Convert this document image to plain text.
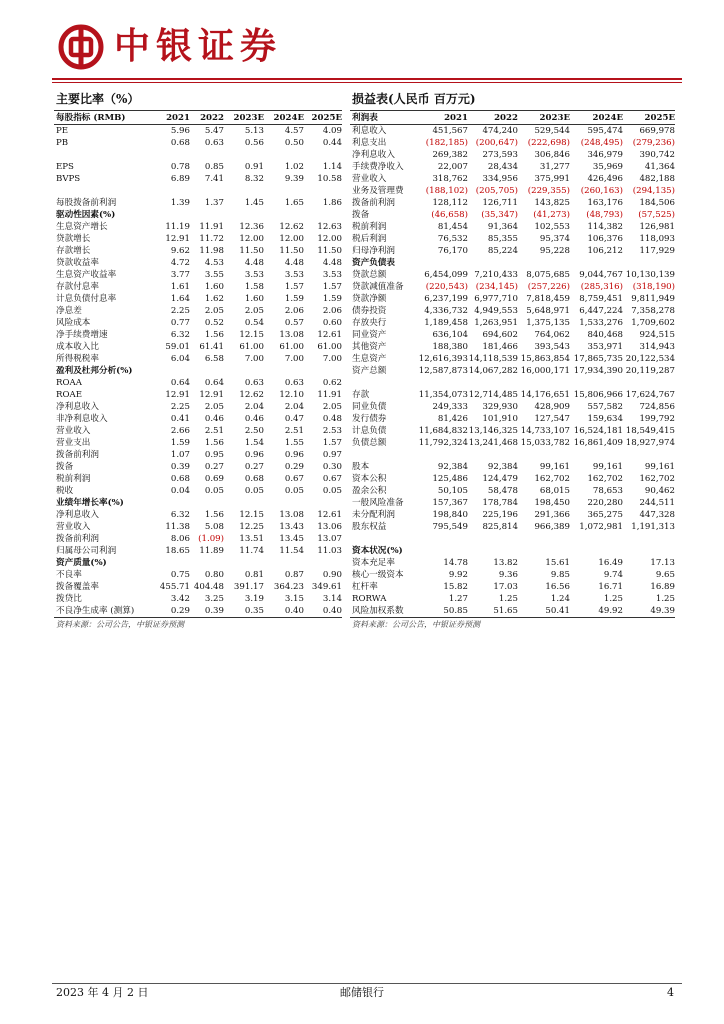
中银证券
主要比率（%）
每股指标 (RMB)	2021	2022	2023E	2024E	2025E
PE	5.96	5.47	5.13	4.57	4.09
PB	0.68	0.63	0.56	0.50	0.44

EPS	0.78	0.85	0.91	1.02	1.14
BVPS	6.89	7.41	8.32	9.39	10.58

每股拨备前利润	1.39	1.37	1.45	1.65	1.86
驱动性因素(%)					
生息资产增长	11.19	11.91	12.36	12.62	12.63
贷款增长	12.91	11.72	12.00	12.00	12.00
存款增长	9.62	11.98	11.50	11.50	11.50
贷款收益率	4.72	4.53	4.48	4.48	4.48
生息资产收益率	3.77	3.55	3.53	3.53	3.53
存款付息率	1.61	1.60	1.58	1.57	1.57
计息负债付息率	1.64	1.62	1.60	1.59	1.59
净息差	2.25	2.05	2.05	2.06	2.06
风险成本	0.77	0.52	0.54	0.57	0.60
净手续费增速	6.32	1.56	12.15	13.08	12.61
成本收入比	59.01	61.41	61.00	61.00	61.00
所得税税率	6.04	6.58	7.00	7.00	7.00
盈利及杜邦分析(%)					
ROAA	0.64	0.64	0.63	0.63	0.62
ROAE	12.91	12.91	12.62	12.10	11.91
净利息收入	2.25	2.05	2.04	2.04	2.05
非净利息收入	0.41	0.46	0.46	0.47	0.48
营业收入	2.66	2.51	2.50	2.51	2.53
营业支出	1.59	1.56	1.54	1.55	1.57
拨备前利润	1.07	0.95	0.96	0.96	0.97
拨备	0.39	0.27	0.27	0.29	0.30
税前利润	0.68	0.69	0.68	0.67	0.67
税收	0.04	0.05	0.05	0.05	0.05
业绩年增长率(%)					
净利息收入	6.32	1.56	12.15	13.08	12.61
营业收入	11.38	5.08	12.25	13.43	13.06
拨备前利润	8.06	(1.09)	13.51	13.45	13.07
归属母公司利润	18.65	11.89	11.74	11.54	11.03
资产质量(%)					
不良率	0.75	0.80	0.81	0.87	0.90
拨备覆盖率	455.71	404.48	391.17	364.23	349.61
拨贷比	3.42	3.25	3.19	3.15	3.14
不良净生成率 (测算)	0.29	0.39	0.35	0.40	0.40
资料来源：公司公告，中银证券预测
损益表(人民币 百万元)
利润表	2021	2022	2023E	2024E	2025E
利息收入	451,567	474,240	529,544	595,474	669,978
利息支出	(182,185)	(200,647)	(222,698)	(248,495)	(279,236)
净利息收入	269,382	273,593	306,846	346,979	390,742
手续费净收入	22,007	28,434	31,277	35,969	41,364
营业收入	318,762	334,956	375,991	426,496	482,188
业务及管理费	(188,102)	(205,705)	(229,355)	(260,163)	(294,135)
拨备前利润	128,112	126,711	143,825	163,176	184,506
拨备	(46,658)	(35,347)	(41,273)	(48,793)	(57,525)
税前利润	81,454	91,364	102,553	114,382	126,981
税后利润	76,532	85,355	95,374	106,376	118,093
归母净利润	76,170	85,224	95,228	106,212	117,929
资产负债表					
贷款总额	6,454,099	7,210,433	8,075,685	9,044,767	10,130,139
贷款减值准备	(220,543)	(234,145)	(257,226)	(285,316)	(318,190)
贷款净额	6,237,199	6,977,710	7,818,459	8,759,451	9,811,949
债券投资	4,336,732	4,949,553	5,648,971	6,447,224	7,358,278
存放央行	1,189,458	1,263,951	1,375,135	1,533,276	1,709,602
同业资产	636,104	694,602	764,062	840,468	924,515
其他资产	188,380	181,466	393,543	353,971	314,943
生息资产	12,616,393	14,118,539	15,863,854	17,865,735	20,122,534
资产总额	12,587,873	14,067,282	16,000,171	17,934,390	20,119,287

存款	11,354,073	12,714,485	14,176,651	15,806,966	17,624,767
同业负债	249,333	329,930	428,909	557,582	724,856
发行债券	81,426	101,910	127,547	159,634	199,792
计息负债	11,684,832	13,146,325	14,733,107	16,524,181	18,549,415
负债总额	11,792,324	13,241,468	15,033,782	16,861,409	18,927,974

股本	92,384	92,384	99,161	99,161	99,161
资本公积	125,486	124,479	162,702	162,702	162,702
盈余公积	50,105	58,478	68,015	78,653	90,462
一般风险准备	157,367	178,784	198,450	220,280	244,511
未分配利润	198,840	225,196	291,366	365,275	447,328
股东权益	795,549	825,814	966,389	1,072,981	1,191,313

资本状况(%)					
资本充足率	14.78	13.82	15.61	16.49	17.13
核心一级资本	9.92	9.36	9.85	9.74	9.65
杠杆率	15.82	17.03	16.56	16.71	16.89
RORWA	1.27	1.25	1.24	1.25	1.25
风险加权系数	50.85	51.65	50.41	49.92	49.39
资料来源：公司公告，中银证券预测
2023 年 4 月 2 日	邮储银行	4
